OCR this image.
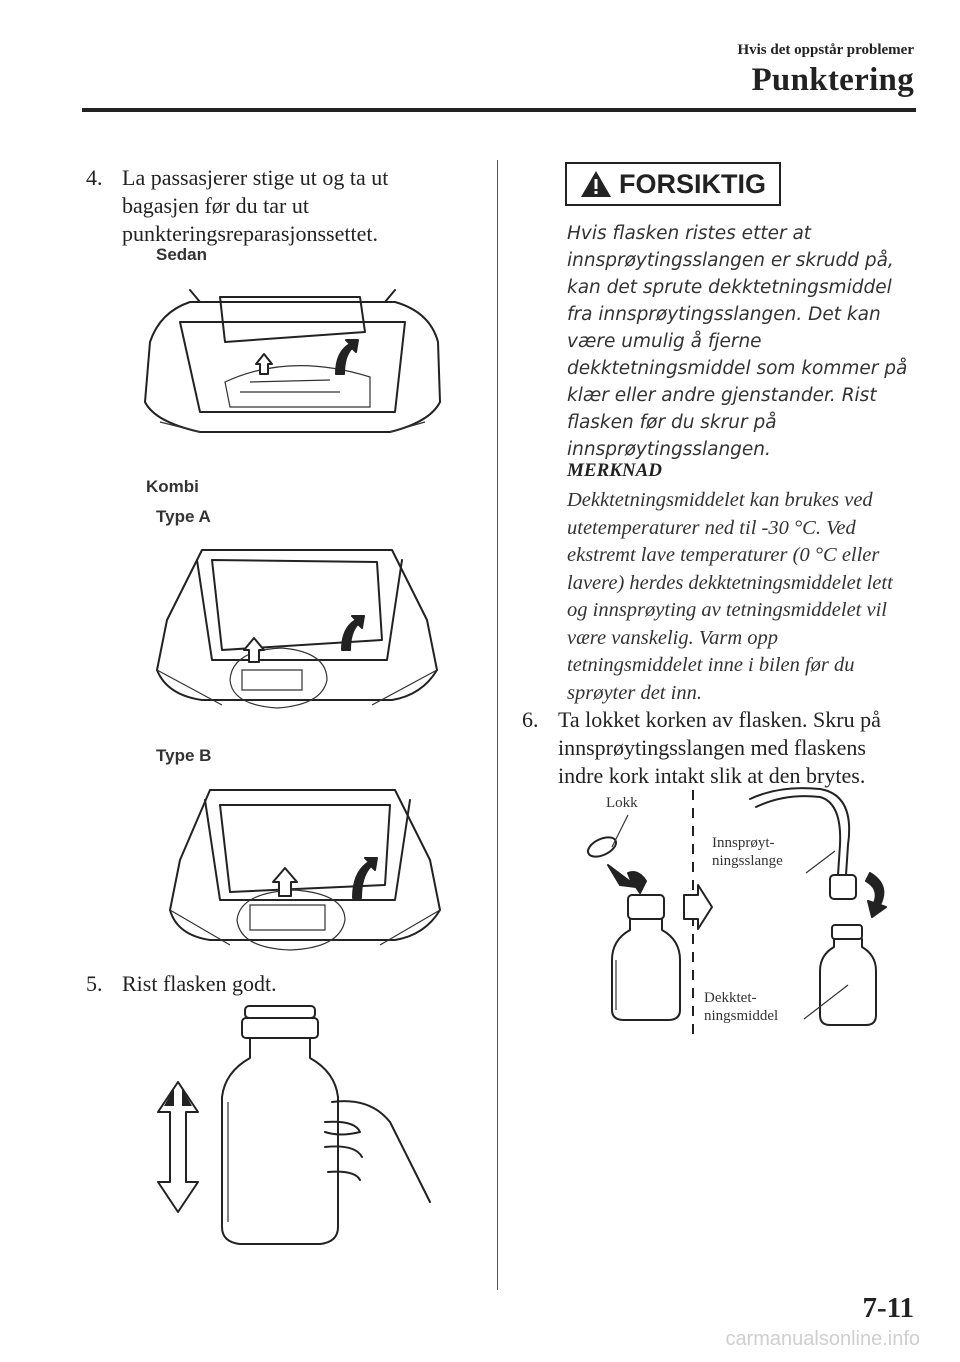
Hvis det oppstår problemer
Punktering
4. La passasjerer stige ut og ta ut bagasjen før du tar ut punkteringsreparasjonssettet.
Sedan
Kombi
Type A
Type B
5. Rist flasken godt.
FORSIKTIG
Hvis flasken ristes etter at innsprøytingsslangen er skrudd på, kan det sprute dekktetningsmiddel fra innsprøytingsslangen. Det kan være umulig å fjerne dekktetningsmiddel som kommer på klær eller andre gjenstander. Rist flasken før du skrur på innsprøytingsslangen.
MERKNAD
Dekktetningsmiddelet kan brukes ved utetemperaturer ned til -30 °C. Ved ekstremt lave temperaturer (0 °C eller lavere) herdes dekktetningsmiddelet lett og innsprøyting av tetningsmiddelet vil være vanskelig. Varm opp tetningsmiddelet inne i bilen før du sprøyter det inn.
6. Ta lokket korken av flasken. Skru på innsprøytingsslangen med flaskens indre kork intakt slik at den brytes.
Lokk
Innsprøyt-
ningsslange
Dekktet-
ningsmiddel
7-11
carmanualsonline.info
